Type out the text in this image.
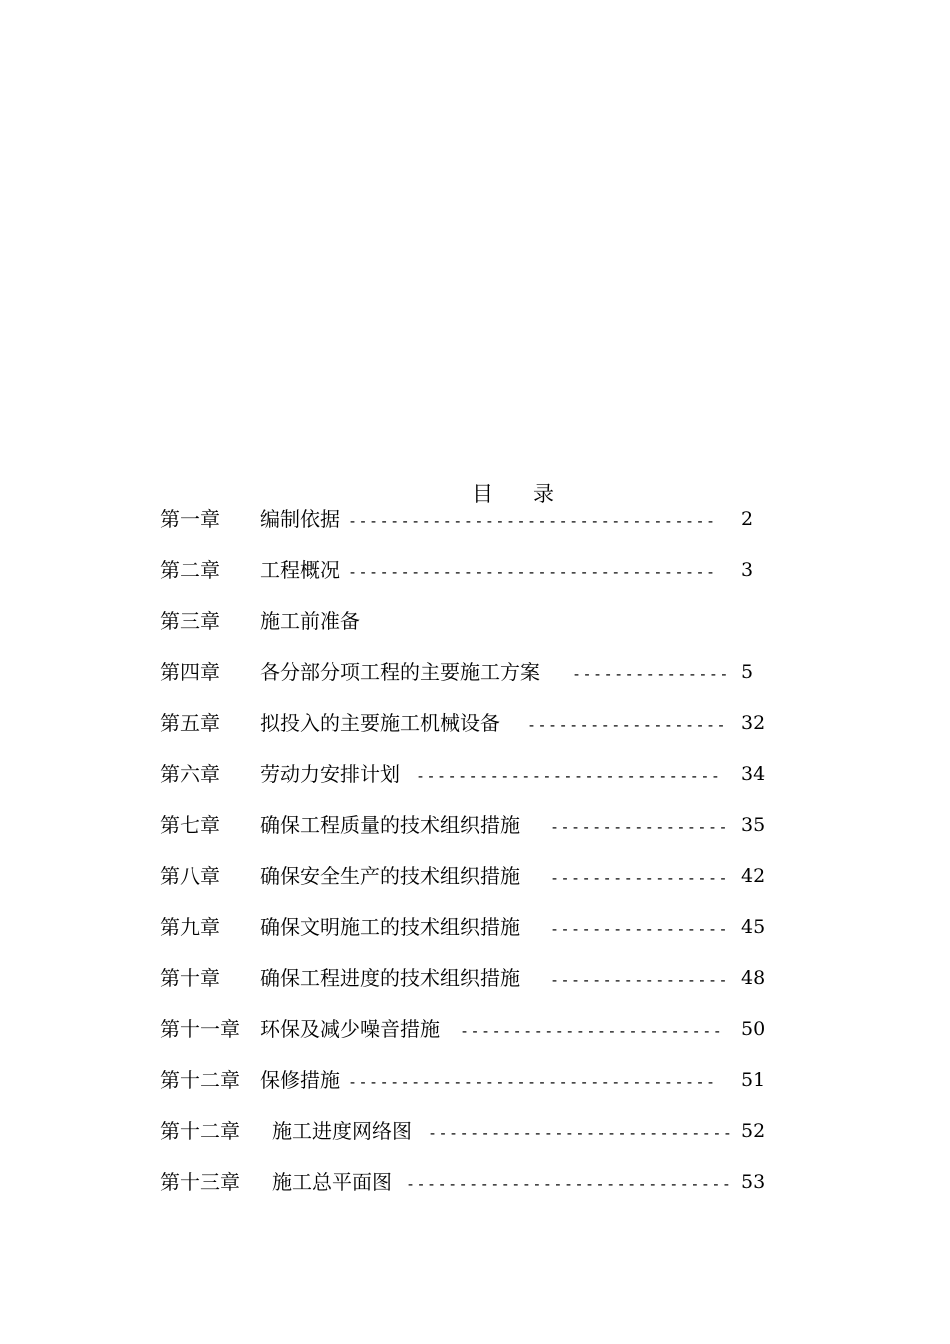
目录
第一章 编制依据 ----------------------------------- 2
第二章 工程概况 ----------------------------------- 3
第三章 施工前准备
第四章 各分部分项工程的主要施工方案 --------------- 5
第五章 拟投入的主要施工机械设备 ------------------- 32
第六章 劳动力安排计划 ----------------------------- 34
第七章 确保工程质量的技术组织措施 ----------------- 35
第八章 确保安全生产的技术组织措施 ----------------- 42
第九章 确保文明施工的技术组织措施 ----------------- 45
第十章 确保工程进度的技术组织措施 ----------------- 48
第十一章 环保及减少噪音措施 ------------------------- 50
第十二章 保修措施 ----------------------------------- 51
第十二章 施工进度网络图 ----------------------------- 52
第十三章 施工总平面图 ------------------------------- 53
